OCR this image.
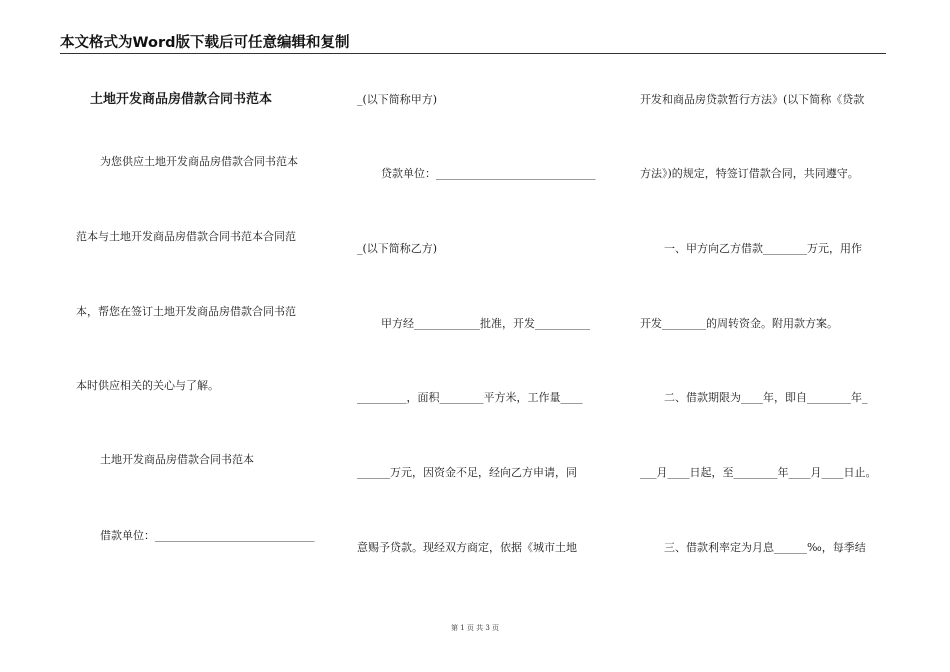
本文格式为Word版下载后可任意编辑和复制
土地开发商品房借款合同书范本
为您供应土地开发商品房借款合同书范本
范本与土地开发商品房借款合同书范本合同范
本，帮您在签订土地开发商品房借款合同书范
本时供应相关的关心与了解。
土地开发商品房借款合同书范本
借款单位：_____________________________
_(以下简称甲方)
贷款单位：_____________________________
_(以下简称乙方)
甲方经____________批准，开发__________
_________，面积________平方米，工作量____
______万元，因资金不足，经向乙方申请，同
意赐予贷款。现经双方商定，依据《城市土地
开发和商品房贷款暂行方法》(以下简称《贷款
方法》)的规定，特签订借款合同，共同遵守。
一、甲方向乙方借款________万元，用作
开发________的周转资金。附用款方案。
二、借款期限为____年，即自________年_
___月____日起，至________年____月____日止。
三、借款利率定为月息______‰，每季结
第 1 页 共 3 页
